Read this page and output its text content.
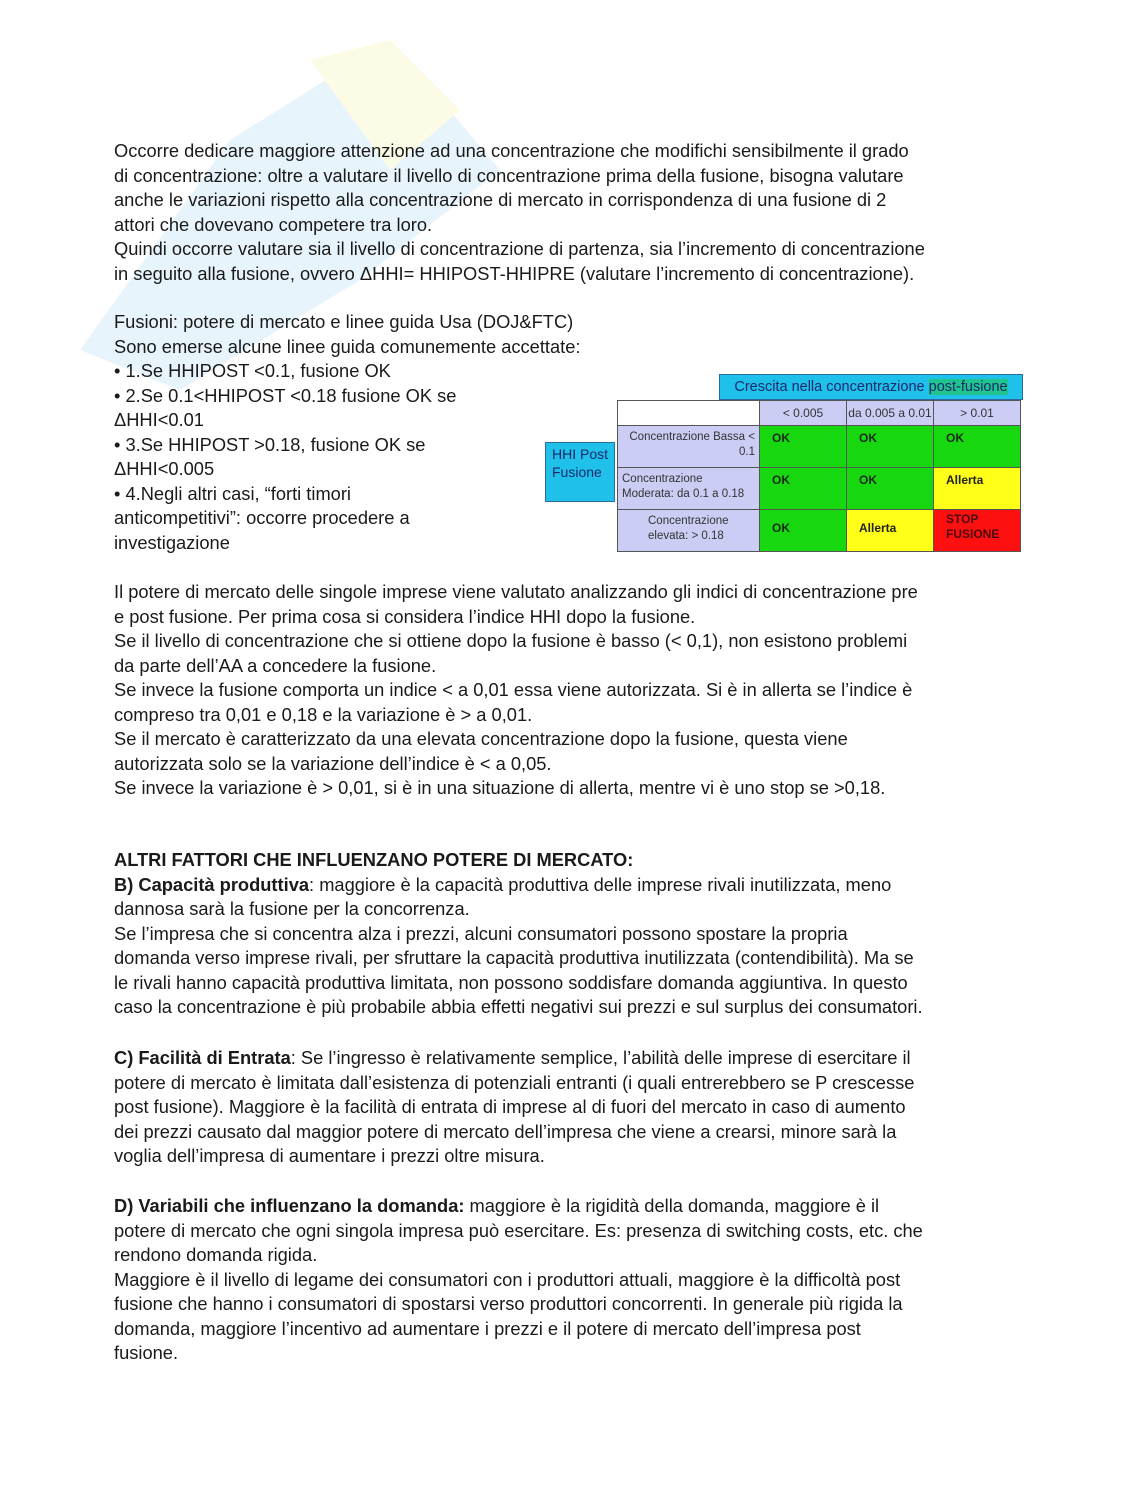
Occorre dedicare maggiore attenzione ad una concentrazione che modifichi sensibilmente il grado
di concentrazione: oltre a valutare il livello di concentrazione prima della fusione, bisogna valutare
anche le variazioni rispetto alla concentrazione di mercato in corrispondenza di una fusione di 2
attori che dovevano competere tra loro.
Quindi occorre valutare sia il livello di concentrazione di partenza, sia l’incremento di concentrazione
in seguito alla fusione, ovvero ΔHHI= HHIPOST-HHIPRE (valutare l’incremento di concentrazione).
Fusioni: potere di mercato e linee guida Usa (DOJ&FTC)
Sono emerse alcune linee guida comunemente accettate:
• 1.Se HHIPOST <0.1, fusione OK
• 2.Se 0.1<HHIPOST <0.18 fusione OK se
ΔHHI<0.01
• 3.Se HHIPOST >0.18, fusione OK se
ΔHHI<0.005
• 4.Negli altri casi, “forti timori
anticompetitivi”: occorre procedere a
investigazione
Il potere di mercato delle singole imprese viene valutato analizzando gli indici di concentrazione pre
e post fusione. Per prima cosa si considera l’indice HHI dopo la fusione.
Se il livello di concentrazione che si ottiene dopo la fusione è basso (< 0,1), non esistono problemi
da parte dell’AA a concedere la fusione.
Se invece la fusione comporta un indice < a 0,01 essa viene autorizzata. Si è in allerta se l’indice è
compreso tra 0,01 e 0,18 e la variazione è > a 0,01.
Se il mercato è caratterizzato da una elevata concentrazione dopo la fusione, questa viene
autorizzata solo se la variazione dell’indice è < a 0,05.
Se invece la variazione è > 0,01, si è in una situazione di allerta, mentre vi è uno stop se >0,18.
ALTRI FATTORI CHE INFLUENZANO POTERE DI MERCATO:
B) Capacità produttiva: maggiore è la capacità produttiva delle imprese rivali inutilizzata, meno
dannosa sarà la fusione per la concorrenza.
Se l’impresa che si concentra alza i prezzi, alcuni consumatori possono spostare la propria
domanda verso imprese rivali, per sfruttare la capacità produttiva inutilizzata (contendibilità). Ma se
le rivali hanno capacità produttiva limitata, non possono soddisfare domanda aggiuntiva. In questo
caso la concentrazione è più probabile abbia effetti negativi sui prezzi e sul surplus dei consumatori.
C) Facilità di Entrata: Se l’ingresso è relativamente semplice, l’abilità delle imprese di esercitare il
potere di mercato è limitata dall’esistenza di potenziali entranti (i quali entrerebbero se P crescesse
post fusione). Maggiore è la facilità di entrata di imprese al di fuori del mercato in caso di aumento
dei prezzi causato dal maggior potere di mercato dell’impresa che viene a crearsi, minore sarà la
voglia dell’impresa di aumentare i prezzi oltre misura.
D) Variabili che influenzano la domanda: maggiore è la rigidità della domanda, maggiore è il
potere di mercato che ogni singola impresa può esercitare. Es: presenza di switching costs, etc. che
rendono domanda rigida.
Maggiore è il livello di legame dei consumatori con i produttori attuali, maggiore è la difficoltà post
fusione che hanno i consumatori di spostarsi verso produttori concorrenti. In generale più rigida la
domanda, maggiore l’incentivo ad aumentare i prezzi e il potere di mercato dell’impresa post
fusione.
Crescita nella concentrazione post-fusione
HHI Post Fusione
	< 0.005	da 0.005 a 0.01	> 0.01
Concentrazione Bassa < 0.1	OK	OK	OK
Concentrazione Moderata: da 0.1 a 0.18	OK	OK	Allerta
Concentrazione elevata: > 0.18	OK	Allerta	STOP FUSIONE
